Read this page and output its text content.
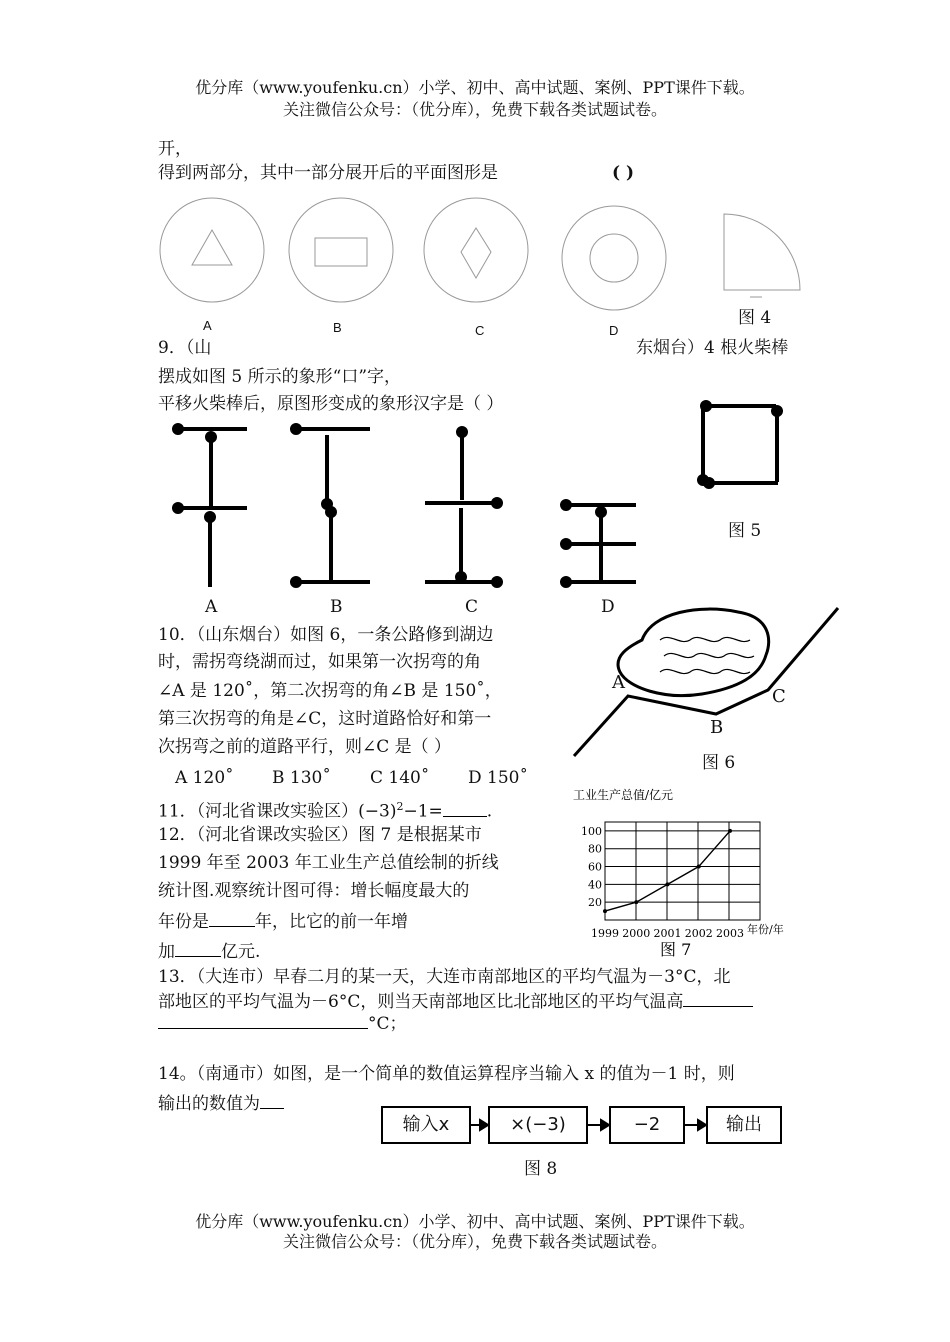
优分库（www.youfenku.cn）小学、初中、高中试题、案例、PPT课件下载。
关注微信公众号：（优分库），免费下载各类试题试卷。
开，
得到两部分，其中一部分展开后的平面图形是	( )
A	B	C	D
图 4
9．（山	东烟台）4 根火柴棒
摆成如图 5 所示的象形“口”字，
平移火柴棒后，原图形变成的象形汉字是（ ）
图 5
A	B	C	D
10．（山东烟台）如图 6，一条公路修到湖边
时，需拐弯绕湖而过，如果第一次拐弯的角
∠A 是 120˚，第二次拐弯的角∠B 是 150˚，
第三次拐弯的角是∠C，这时道路恰好和第一
次拐弯之前的道路平行，则∠C 是（ ）
A 120˚ B 130˚ C 140˚ D 150˚
A
B
C
图 6
11．（河北省课改实验区）$(-3)^2-1=$	.
12．（河北省课改实验区）图 7 是根据某市
1999 年至 2003 年工业生产总值绘制的折线
统计图.观察统计图可得：增长幅度最大的
年份是	年，比它的前一年增
加	亿元.
工业生产总值/亿元
20
40
60
80
100
1999 2000 2001 2002 2003 年份/年
图 7
13．（大连市）早春二月的某一天，大连市南部地区的平均气温为－3°C，北
部地区的平均气温为－6°C，则当天南部地区比北部地区的平均气温高
°C；
14。（南通市）如图，是一个简单的数值运算程序当输入 x 的值为－1 时，则
输出的数值为
输入x	×(−3)	−2	输出
图 8
优分库（www.youfenku.cn）小学、初中、高中试题、案例、PPT课件下载。
关注微信公众号：（优分库），免费下载各类试题试卷。
